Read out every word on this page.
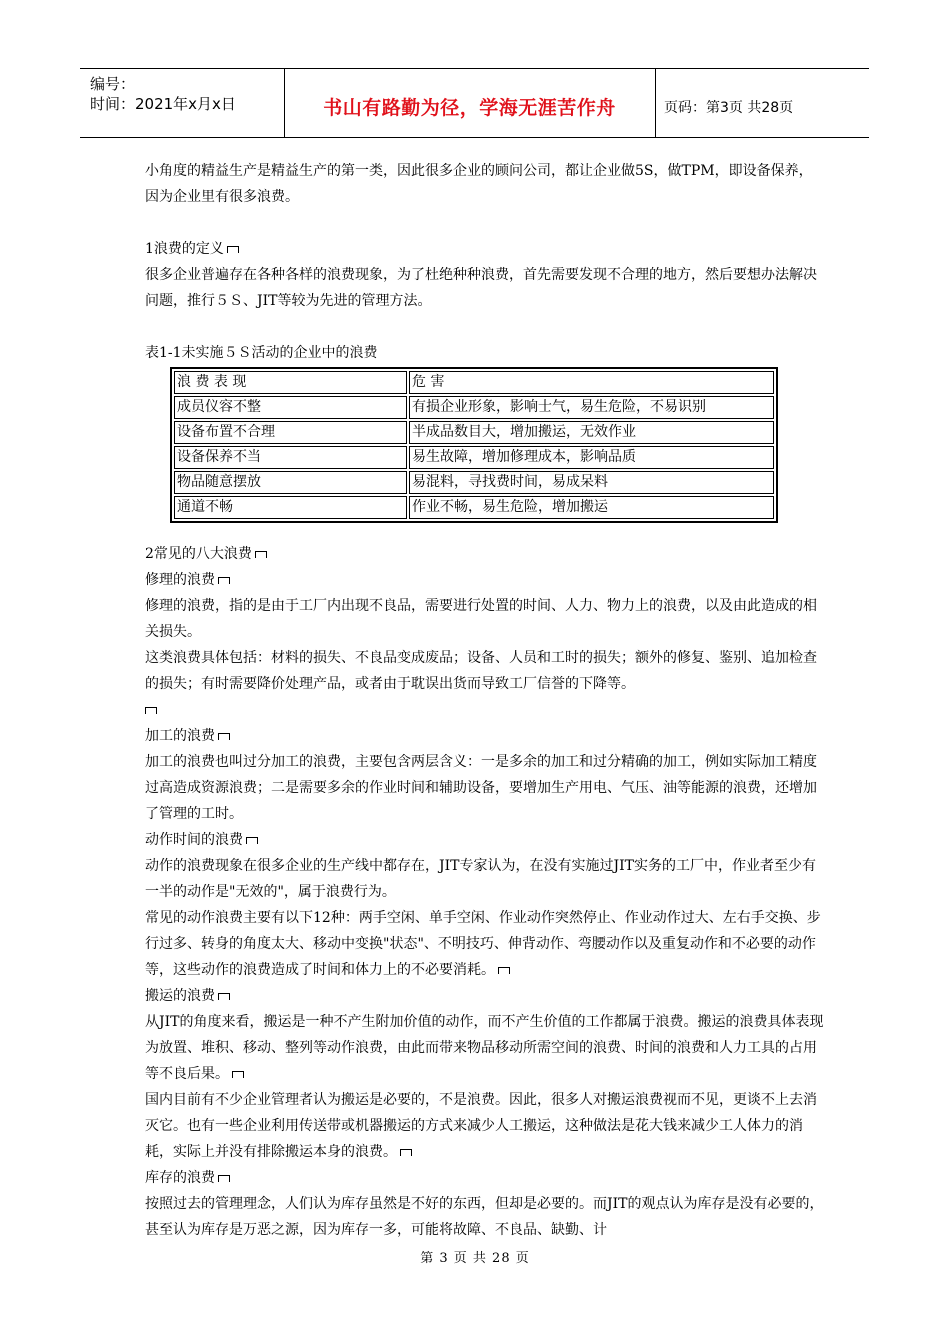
编号：
时间：2021年x月x日	书山有路勤为径，学海无涯苦作舟	页码：第3页 共28页

小角度的精益生产是精益生产的第一类，因此很多企业的顾问公司，都让企业做5S，做TPM，即设备保养，因为企业里有很多浪费。

1浪费的定义

很多企业普遍存在各种各样的浪费现象，为了杜绝种种浪费，首先需要发现不合理的地方，然后要想办法解决问题，推行５Ｓ、JIT等较为先进的管理方法。

表1-1未实施５Ｓ活动的企业中的浪费

浪 费 表 现	危 害
成员仪容不整	有损企业形象，影响士气，易生危险，不易识别
设备布置不合理	半成品数目大，增加搬运，无效作业
设备保养不当	易生故障，增加修理成本，影响品质
物品随意摆放	易混料，寻找费时间，易成呆料
通道不畅	作业不畅，易生危险，增加搬运

2常见的八大浪费

修理的浪费

修理的浪费，指的是由于工厂内出现不良品，需要进行处置的时间、人力、物力上的浪费，以及由此造成的相关损失。

这类浪费具体包括：材料的损失、不良品变成废品；设备、人员和工时的损失；额外的修复、鉴别、追加检查的损失；有时需要降价处理产品，或者由于耽误出货而导致工厂信誉的下降等。

加工的浪费

加工的浪费也叫过分加工的浪费，主要包含两层含义：一是多余的加工和过分精确的加工，例如实际加工精度过高造成资源浪费；二是需要多余的作业时间和辅助设备，要增加生产用电、气压、油等能源的浪费，还增加了管理的工时。

动作时间的浪费

动作的浪费现象在很多企业的生产线中都存在，JIT专家认为，在没有实施过JIT实务的工厂中，作业者至少有一半的动作是"无效的"，属于浪费行为。

常见的动作浪费主要有以下12种：两手空闲、单手空闲、作业动作突然停止、作业动作过大、左右手交换、步行过多、转身的角度太大、移动中变换"状态"、不明技巧、伸背动作、弯腰动作以及重复动作和不必要的动作等，这些动作的浪费造成了时间和体力上的不必要消耗。

搬运的浪费

从JIT的角度来看，搬运是一种不产生附加价值的动作，而不产生价值的工作都属于浪费。搬运的浪费具体表现为放置、堆积、移动、整列等动作浪费，由此而带来物品移动所需空间的浪费、时间的浪费和人力工具的占用等不良后果。

国内目前有不少企业管理者认为搬运是必要的，不是浪费。因此，很多人对搬运浪费视而不见，更谈不上去消灭它。也有一些企业利用传送带或机器搬运的方式来减少人工搬运，这种做法是花大钱来减少工人体力的消耗，实际上并没有排除搬运本身的浪费。

库存的浪费

按照过去的管理理念，人们认为库存虽然是不好的东西，但却是必要的。而JIT的观点认为库存是没有必要的，甚至认为库存是万恶之源，因为库存一多，可能将故障、不良品、缺勤、计

第 3 页 共 28 页
